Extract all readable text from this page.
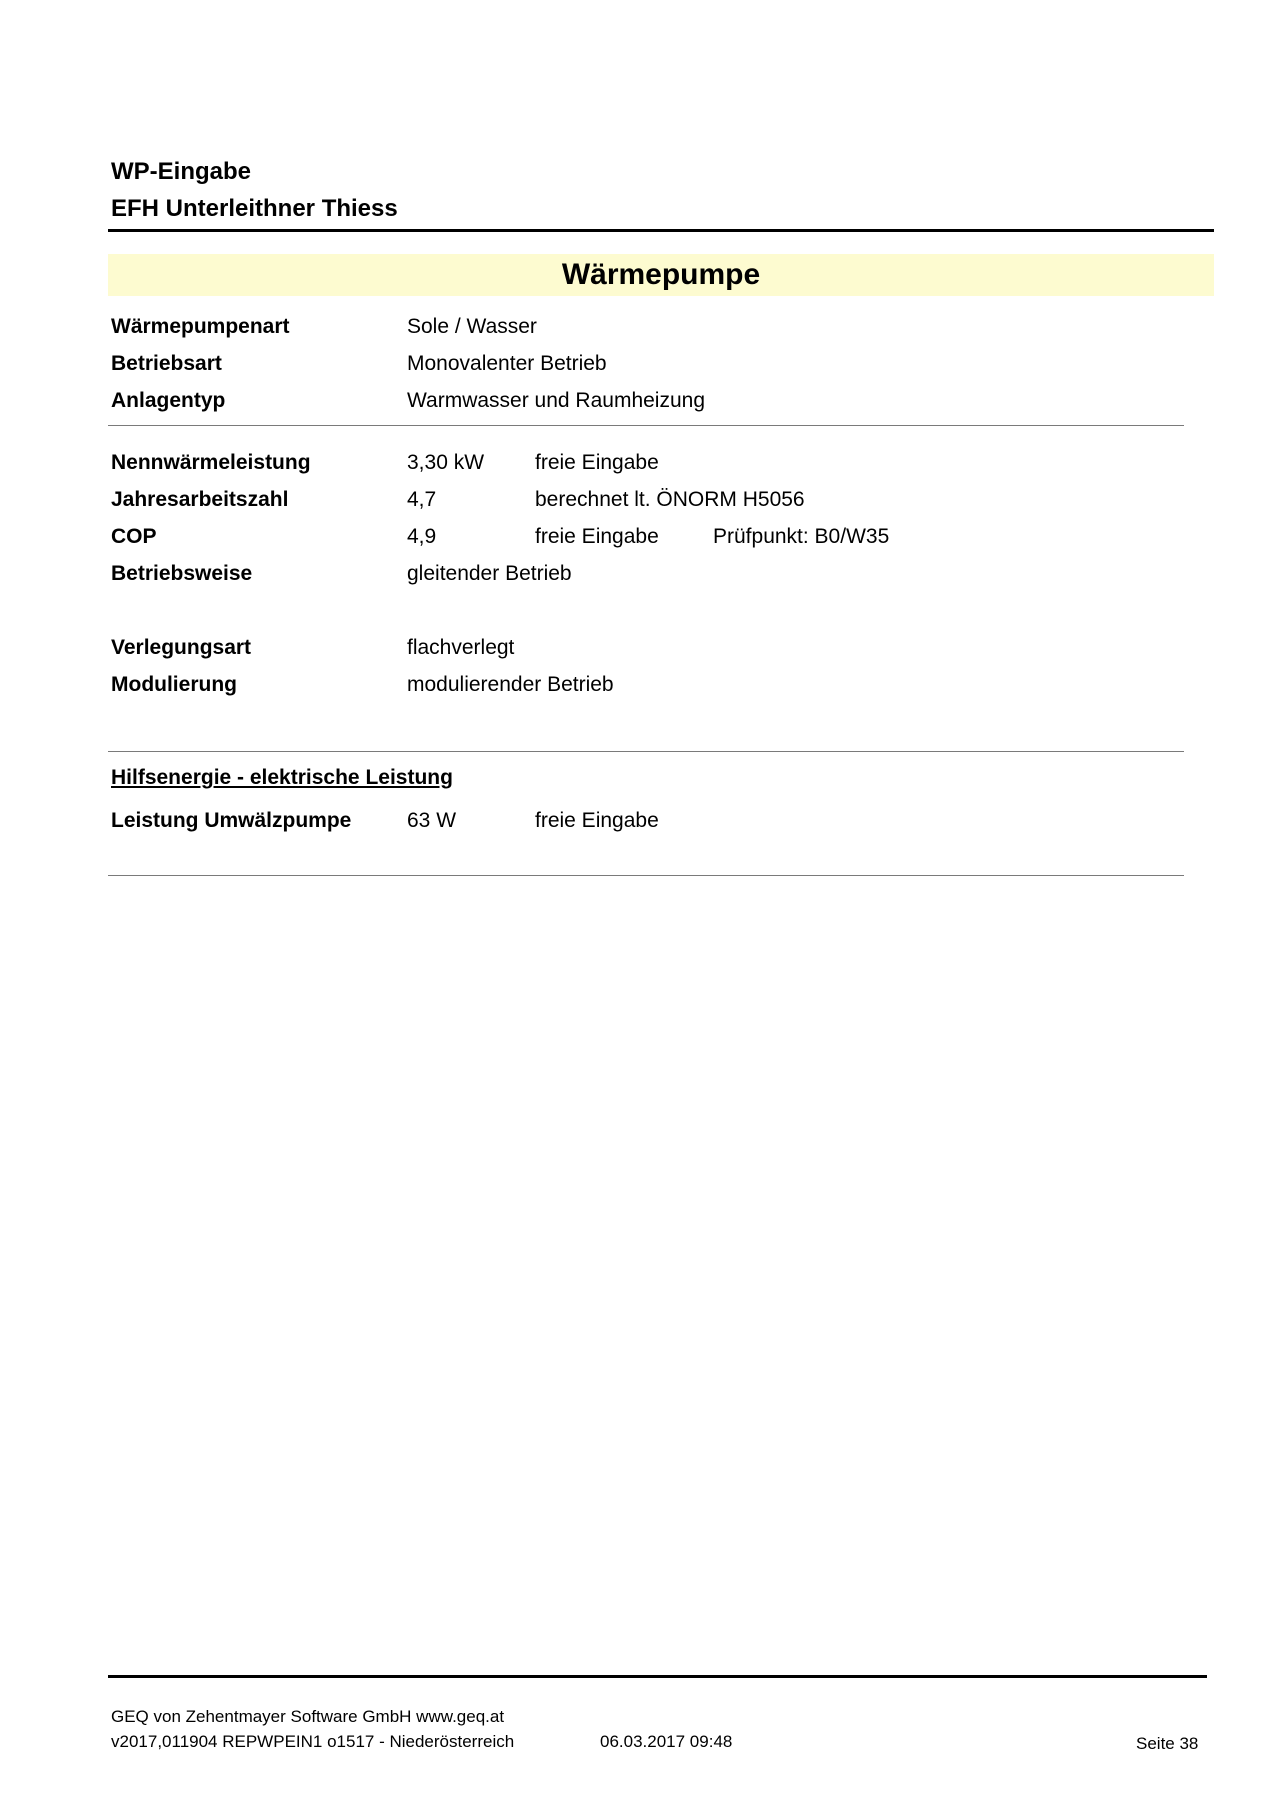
WP-Eingabe
EFH Unterleithner Thiess
Wärmepumpe
Wärmepumpenart	Sole / Wasser
Betriebsart	Monovalenter Betrieb
Anlagentyp	Warmwasser und Raumheizung
Nennwärmeleistung	3,30 kW freie Eingabe
Jahresarbeitszahl	4,7	berechnet lt. ÖNORM H5056
COP	4,9	freie Eingabe	Prüfpunkt: B0/W35
Betriebsweise	gleitender Betrieb
Verlegungsart	flachverlegt
Modulierung	modulierender Betrieb
Hilfsenergie - elektrische Leistung
Leistung Umwälzpumpe	63 W	freie Eingabe
GEQ von Zehentmayer Software GmbH www.geq.at
v2017,011904 REPWPEIN1 o1517 - Niederösterreich	06.03.2017 09:48	Seite 38
